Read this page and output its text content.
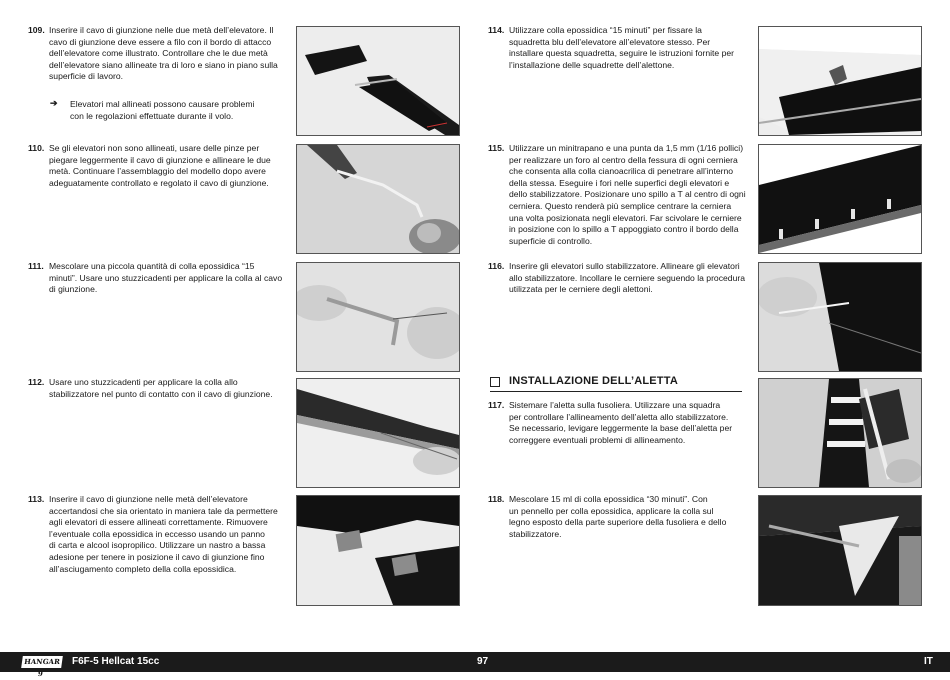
109. Inserire il cavo di giunzione nelle due metà dell’elevatore. Il
cavo di giunzione deve essere a filo con il bordo di attacco
dell’elevatore come illustrato. Controllare che le due metà
dell’elevatore siano allineate tra di loro e siano in piano sulla
superficie di lavoro.
➔ Elevatori mal allineati possono causare problemi
con le regolazioni effettuate durante il volo.
110. Se gli elevatori non sono allineati, usare delle pinze per
piegare leggermente il cavo di giunzione e allineare le due
metà. Continuare l’assemblaggio del modello dopo avere
adeguatamente controllato e regolato il cavo di giunzione.
111. Mescolare una piccola quantità di colla epossidica “15
minuti”. Usare uno stuzzicadenti per applicare la colla al cavo
di giunzione.
112. Usare uno stuzzicadenti per applicare la colla allo
stabilizzatore nel punto di contatto con il cavo di giunzione.
113. Inserire il cavo di giunzione nelle metà dell’elevatore
accertandosi che sia orientato in maniera tale da permettere
agli elevatori di essere allineati correttamente. Rimuovere
l’eventuale colla epossidica in eccesso usando un panno
di carta e alcool isopropilico. Utilizzare un nastro a bassa
adesione per tenere in posizione il cavo di giunzione fino
all’asciugamento completo della colla epossidica.
114. Utilizzare colla epossidica “15 minuti” per fissare la
squadretta blu dell’elevatore all’elevatore stesso. Per
installare questa squadretta, seguire le istruzioni fornite per
l’installazione delle squadrette dell’alettone.
115. Utilizzare un minitrapano e una punta da 1,5 mm (1/16 pollici)
per realizzare un foro al centro della fessura di ogni cerniera
che consenta alla colla cianoacrilica di penetrare all’interno
della stessa. Eseguire i fori nelle superfici degli elevatori e
dello stabilizzatore. Posizionare uno spillo a T al centro di ogni
cerniera. Questo renderà più semplice centrare la cerniera
una volta posizionata negli elevatori. Far scivolare le cerniere
in posizione con lo spillo a T appoggiato contro il bordo della
superficie di controllo.
116. Inserire gli elevatori sullo stabilizzatore. Allineare gli elevatori
allo stabilizzatore. Incollare le cerniere seguendo la procedura
utilizzata per le cerniere degli alettoni.
INSTALLAZIONE DELL’ALETTA
117. Sistemare l’aletta sulla fusoliera. Utilizzare una squadra
per controllare l’allineamento dell’aletta allo stabilizzatore.
Se necessario, levigare leggermente la base dell’aletta per
correggere eventuali problemi di allineamento.
118. Mescolare 15 ml di colla epossidica “30 minuti”. Con
un pennello per colla epossidica, applicare la colla sul
legno esposto della parte superiore della fusoliera e dello
stabilizzatore.
HANGAR 9
F6F-5 Hellcat 15cc	97	IT
